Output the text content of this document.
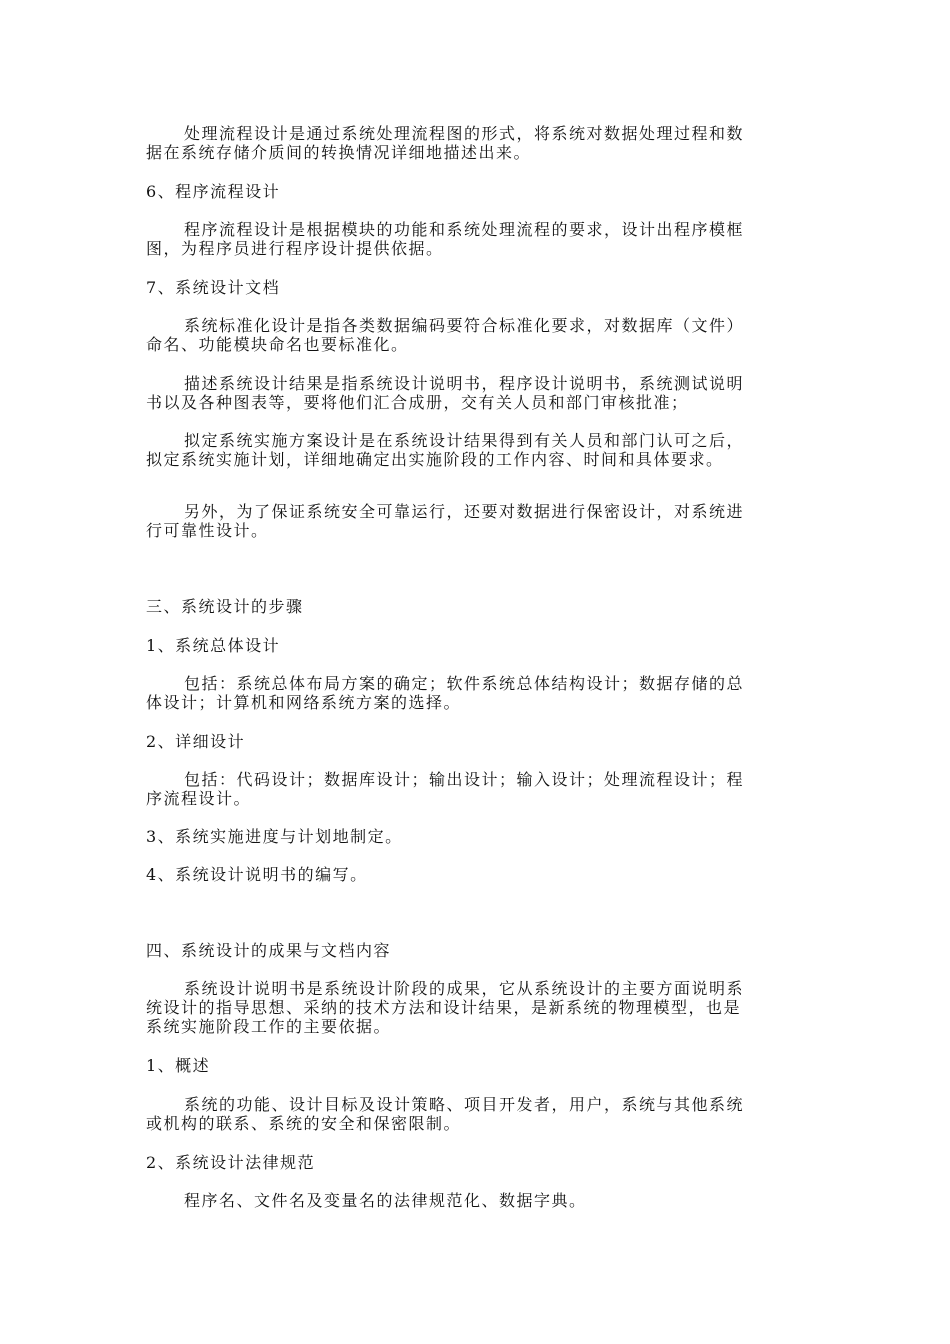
处理流程设计是通过系统处理流程图的形式，将系统对数据处理过程和数
据在系统存储介质间的转换情况详细地描述出来。
6、程序流程设计
程序流程设计是根据模块的功能和系统处理流程的要求，设计出程序模框
图，为程序员进行程序设计提供依据。
7、系统设计文档
系统标准化设计是指各类数据编码要符合标准化要求，对数据库（文件）
命名、功能模块命名也要标准化。
描述系统设计结果是指系统设计说明书，程序设计说明书，系统测试说明
书以及各种图表等，要将他们汇合成册，交有关人员和部门审核批准；
拟定系统实施方案设计是在系统设计结果得到有关人员和部门认可之后，
拟定系统实施计划，详细地确定出实施阶段的工作内容、时间和具体要求。
另外，为了保证系统安全可靠运行，还要对数据进行保密设计，对系统进
行可靠性设计。
三、系统设计的步骤
1、系统总体设计
包括：系统总体布局方案的确定；软件系统总体结构设计；数据存储的总
体设计；计算机和网络系统方案的选择。
2、详细设计
包括：代码设计；数据库设计；输出设计；输入设计；处理流程设计；程
序流程设计。
3、系统实施进度与计划地制定。
4、系统设计说明书的编写。
四、系统设计的成果与文档内容
系统设计说明书是系统设计阶段的成果，它从系统设计的主要方面说明系
统设计的指导思想、采纳的技术方法和设计结果，是新系统的物理模型，也是
系统实施阶段工作的主要依据。
1、概述
系统的功能、设计目标及设计策略、项目开发者，用户，系统与其他系统
或机构的联系、系统的安全和保密限制。
2、系统设计法律规范
程序名、文件名及变量名的法律规范化、数据字典。
